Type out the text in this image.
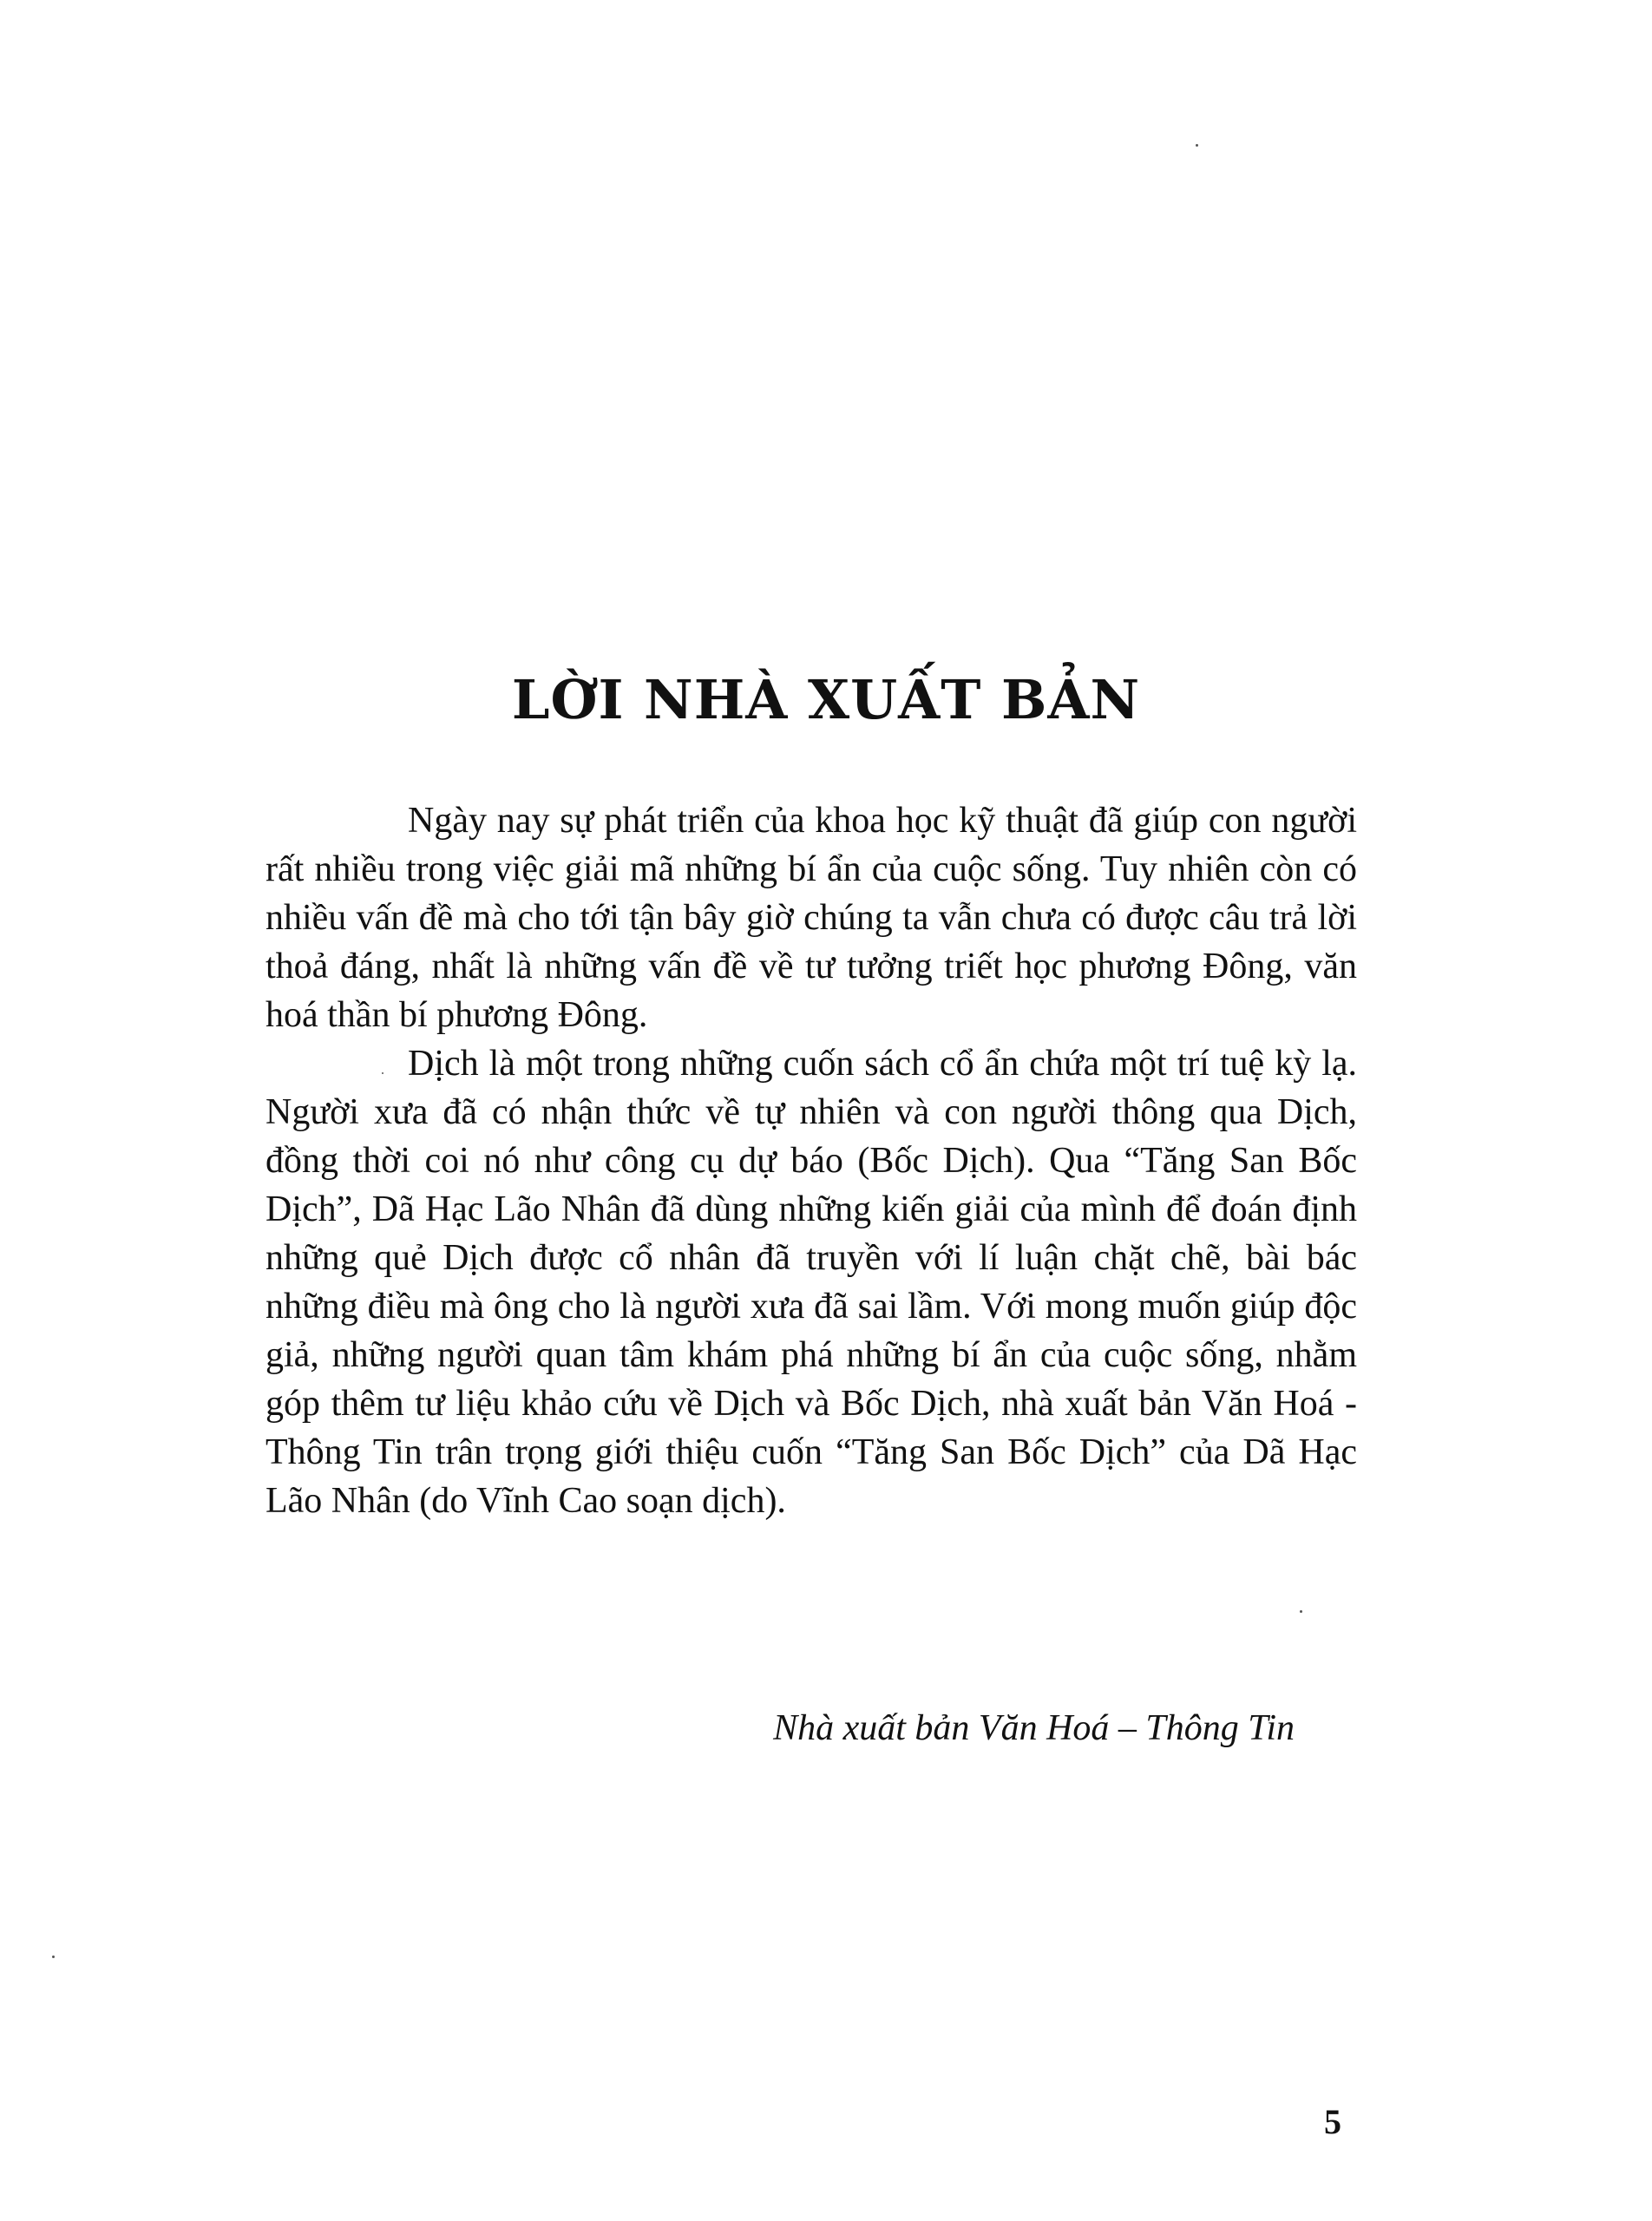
LỜI NHÀ XUẤT BẢN

Ngày nay sự phát triển của khoa học kỹ thuật đã giúp con người rất nhiều trong việc giải mã những bí ẩn của cuộc sống. Tuy nhiên còn có nhiều vấn đề mà cho tới tận bây giờ chúng ta vẫn chưa có được câu trả lời thoả đáng, nhất là những vấn đề về tư tưởng triết học phương Đông, văn hoá thần bí phương Đông.

Dịch là một trong những cuốn sách cổ ẩn chứa một trí tuệ kỳ lạ. Người xưa đã có nhận thức về tự nhiên và con người thông qua Dịch, đồng thời coi nó như công cụ dự báo (Bốc Dịch). Qua “Tăng San Bốc Dịch”, Dã Hạc Lão Nhân đã dùng những kiến giải của mình để đoán định những quẻ Dịch được cổ nhân đã truyền với lí luận chặt chẽ, bài bác những điều mà ông cho là người xưa đã sai lầm. Với mong muốn giúp độc giả, những người quan tâm khám phá những bí ẩn của cuộc sống, nhằm góp thêm tư liệu khảo cứu về Dịch và Bốc Dịch, nhà xuất bản Văn Hoá - Thông Tin trân trọng giới thiệu cuốn “Tăng San Bốc Dịch” của Dã Hạc Lão Nhân (do Vĩnh Cao soạn dịch).

Nhà xuất bản Văn Hoá – Thông Tin

5
